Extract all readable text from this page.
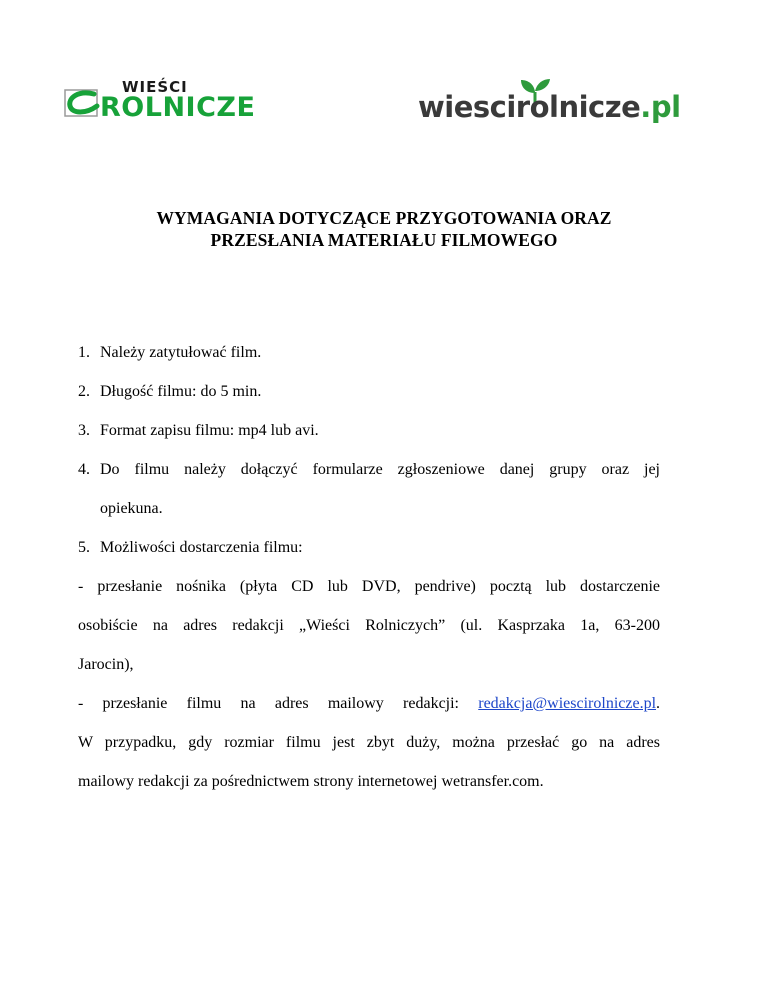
WIEŚCI
ROLNICZE	wiescirolnicze.pl
WYMAGANIA DOTYCZĄCE PRZYGOTOWANIA ORAZ
PRZESŁANIA MATERIAŁU FILMOWEGO
1. Należy zatytułować film.
2. Długość filmu: do 5 min.
3. Format zapisu filmu: mp4 lub avi.
4. Do filmu należy dołączyć formularze zgłoszeniowe danej grupy oraz jej
opiekuna.
5. Możliwości dostarczenia filmu:
- przesłanie nośnika (płyta CD lub DVD, pendrive) pocztą lub dostarczenie
osobiście na adres redakcji „Wieści Rolniczych” (ul. Kasprzaka 1a, 63-200
Jarocin),
- przesłanie filmu na adres mailowy redakcji: redakcja@wiescirolnicze.pl.
W przypadku, gdy rozmiar filmu jest zbyt duży, można przesłać go na adres
mailowy redakcji za pośrednictwem strony internetowej wetransfer.com.
